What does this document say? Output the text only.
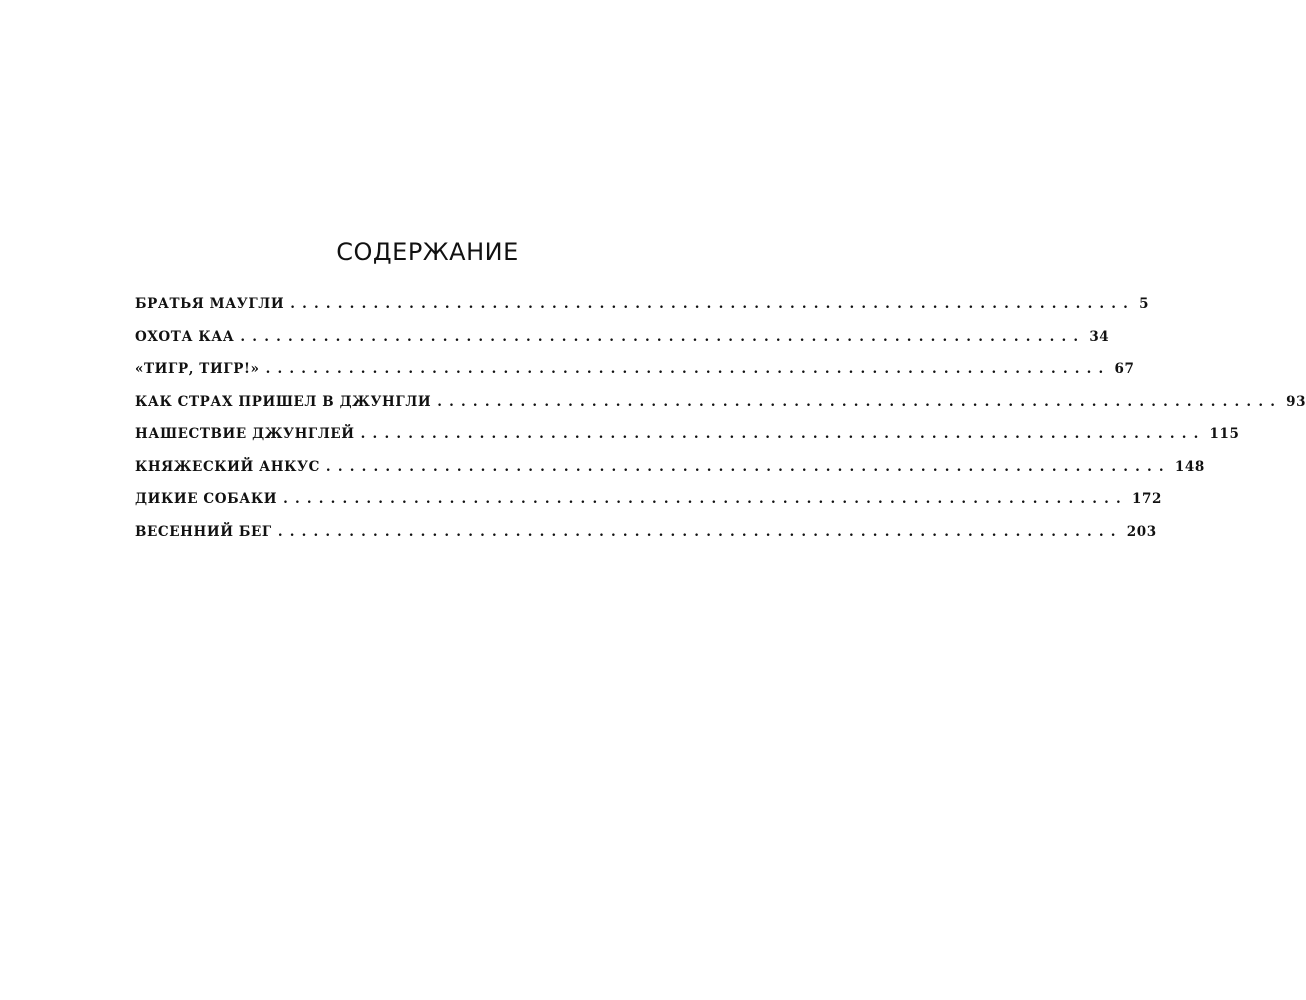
СОДЕРЖАНИЕ
БРАТЬЯ МАУГЛИ ....................................................................... 5
ОХОТА КАА ....................................................................... 34
«ТИГР, ТИГР!» ....................................................................... 67
КАК СТРАХ ПРИШЕЛ В ДЖУНГЛИ ....................................................................... 93
НАШЕСТВИЕ ДЖУНГЛЕЙ ....................................................................... 115
КНЯЖЕСКИЙ АНКУС ....................................................................... 148
ДИКИЕ СОБАКИ ....................................................................... 172
ВЕСЕННИЙ БЕГ ....................................................................... 203
